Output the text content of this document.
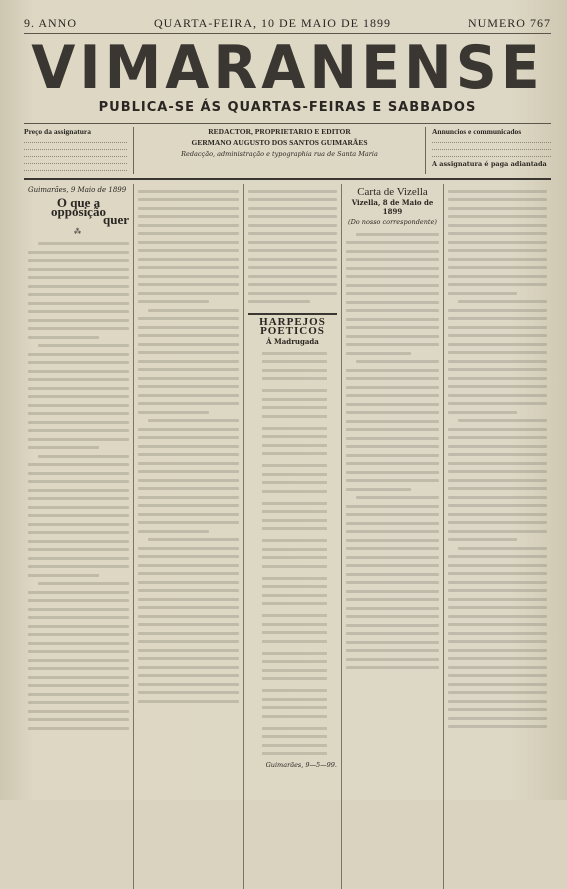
9. ANNO	QUARTA-FEIRA, 10 DE MAIO DE 1899	NUMERO 767
VIMARANENSE
PUBLICA-SE ÁS QUARTAS-FEIRAS E SABBADOS
Preço da assignatura	REDACTOR, PROPRIETARIO E EDITOR
GERMANO AUGUSTO DOS SANTOS GUIMARÃES
Redacção, administração e typographia rua de Santa Maria
Annuncios e communicados
A assignatura é paga adiantada
Guimarães, 9 Maio de 1899
O que a opposição
quer
⁂
HARPEJOS POETICOS
Á Madrugada
Guimarães, 9—5—99.
Carta de Vizella
Vizella, 8 de Maio de 1899
(Do nosso correspondente)
